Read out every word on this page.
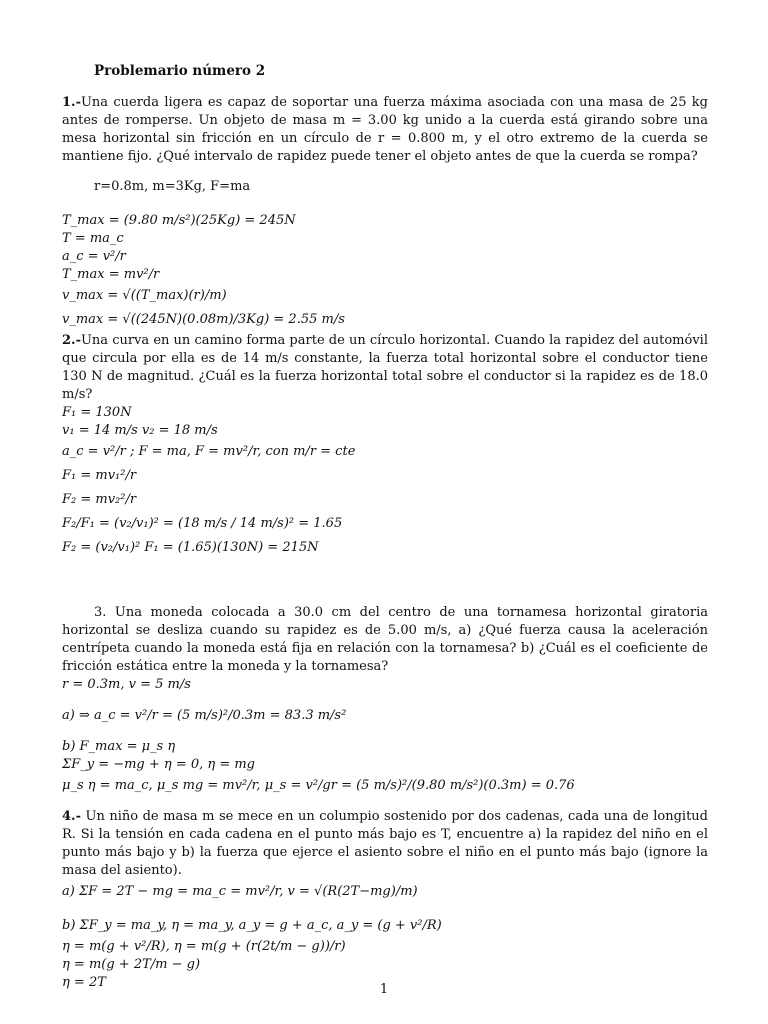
Problemario número 2

1.-Una cuerda ligera es capaz de soportar una fuerza máxima asociada con una masa de 25 kg antes de romperse. Un objeto de masa m = 3.00 kg unido a la cuerda está girando sobre una mesa horizontal sin fricción en un círculo de r = 0.800 m, y el otro extremo de la cuerda se mantiene fijo. ¿Qué intervalo de rapidez puede tener el objeto antes de que la cuerda se rompa?

r=0.8m, m=3Kg, F=ma
T_max = (9.80 m/s²)(25Kg) = 245N
T = ma_c
a_c = v²/r
T_max = mv²/r
v_max = √((T_max)(r)/m)
v_max = √((245N)(0.08m)/3Kg) = 2.55 m/s

2.-Una curva en un camino forma parte de un círculo horizontal. Cuando la rapidez del automóvil que circula por ella es de 14 m/s constante, la fuerza total horizontal sobre el conductor tiene 130 N de magnitud. ¿Cuál es la fuerza horizontal total sobre el conductor si la rapidez es de 18.0 m/s?

F₁ = 130N
v₁ = 14 m/s v₂ = 18 m/s
a_c = v²/r ; F = ma, F = mv²/r, con m/r = cte
F₁ = mv₁²/r
F₂ = mv₂²/r
F₂/F₁ = (v₂/v₁)² = (18 m/s / 14 m/s)² = 1.65
F₂ = (v₂/v₁)² F₁ = (1.65)(130N) = 215N

3. Una moneda colocada a 30.0 cm del centro de una tornamesa horizontal giratoria horizontal se desliza cuando su rapidez es de 5.00 m/s, a) ¿Qué fuerza causa la aceleración centrípeta cuando la moneda está fija en relación con la tornamesa? b) ¿Cuál es el coeficiente de fricción estática entre la moneda y la tornamesa?

r = 0.3m, v = 5 m/s
a) ⇒ a_c = v²/r = (5 m/s)²/0.3m = 83.3 m/s²
b) F_max = μ_s η
ΣF_y = −mg + η = 0, η = mg
μ_s η = ma_c, μ_s mg = mv²/r, μ_s = v²/gr = (5 m/s)²/(9.80 m/s²)(0.3m) = 0.76

4.- Un niño de masa m se mece en un columpio sostenido por dos cadenas, cada una de longitud R. Si la tensión en cada cadena en el punto más bajo es T, encuentre a) la rapidez del niño en el punto más bajo y b) la fuerza que ejerce el asiento sobre el niño en el punto más bajo (ignore la masa del asiento).

a) ΣF = 2T − mg = ma_c = mv²/r, v = √(R(2T−mg)/m)
b) ΣF_y = ma_y, η = ma_y, a_y = g + a_c, a_y = (g + v²/R)
η = m(g + v²/R), η = m(g + (r(2t/m − g))/r)
η = m(g + 2T/m − g)
η = 2T	1
